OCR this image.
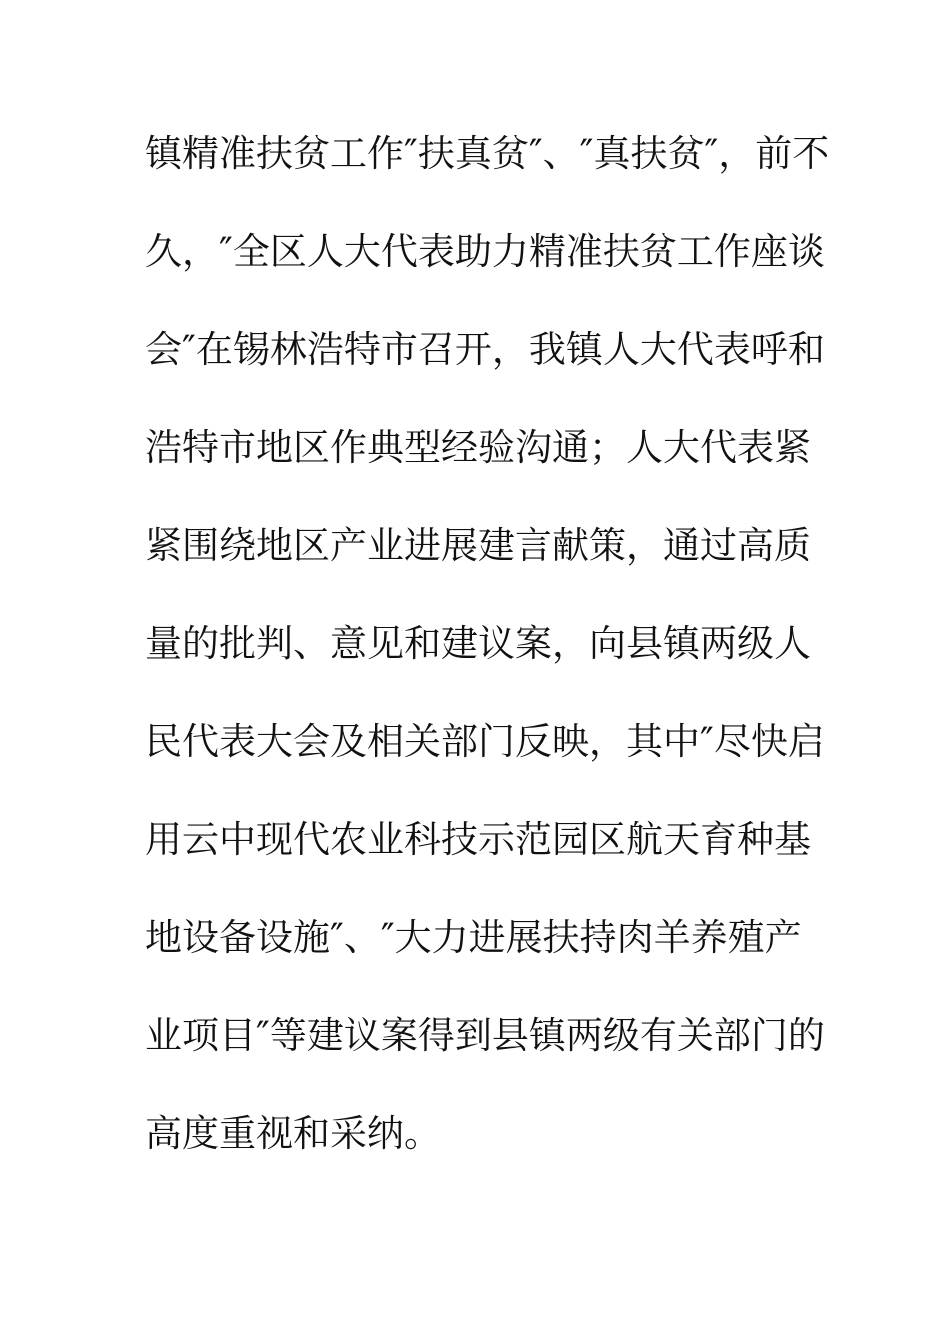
镇精准扶贫工作″扶真贫″、″真扶贫″，前不
久，″全区人大代表助力精准扶贫工作座谈
会″在锡林浩特市召开，我镇人大代表呼和
浩特市地区作典型经验沟通；人大代表紧
紧围绕地区产业进展建言献策，通过高质
量的批判、意见和建议案，向县镇两级人
民代表大会及相关部门反映，其中″尽快启
用云中现代农业科技示范园区航天育种基
地设备设施″、″大力进展扶持肉羊养殖产
业项目″等建议案得到县镇两级有关部门的
高度重视和采纳。
